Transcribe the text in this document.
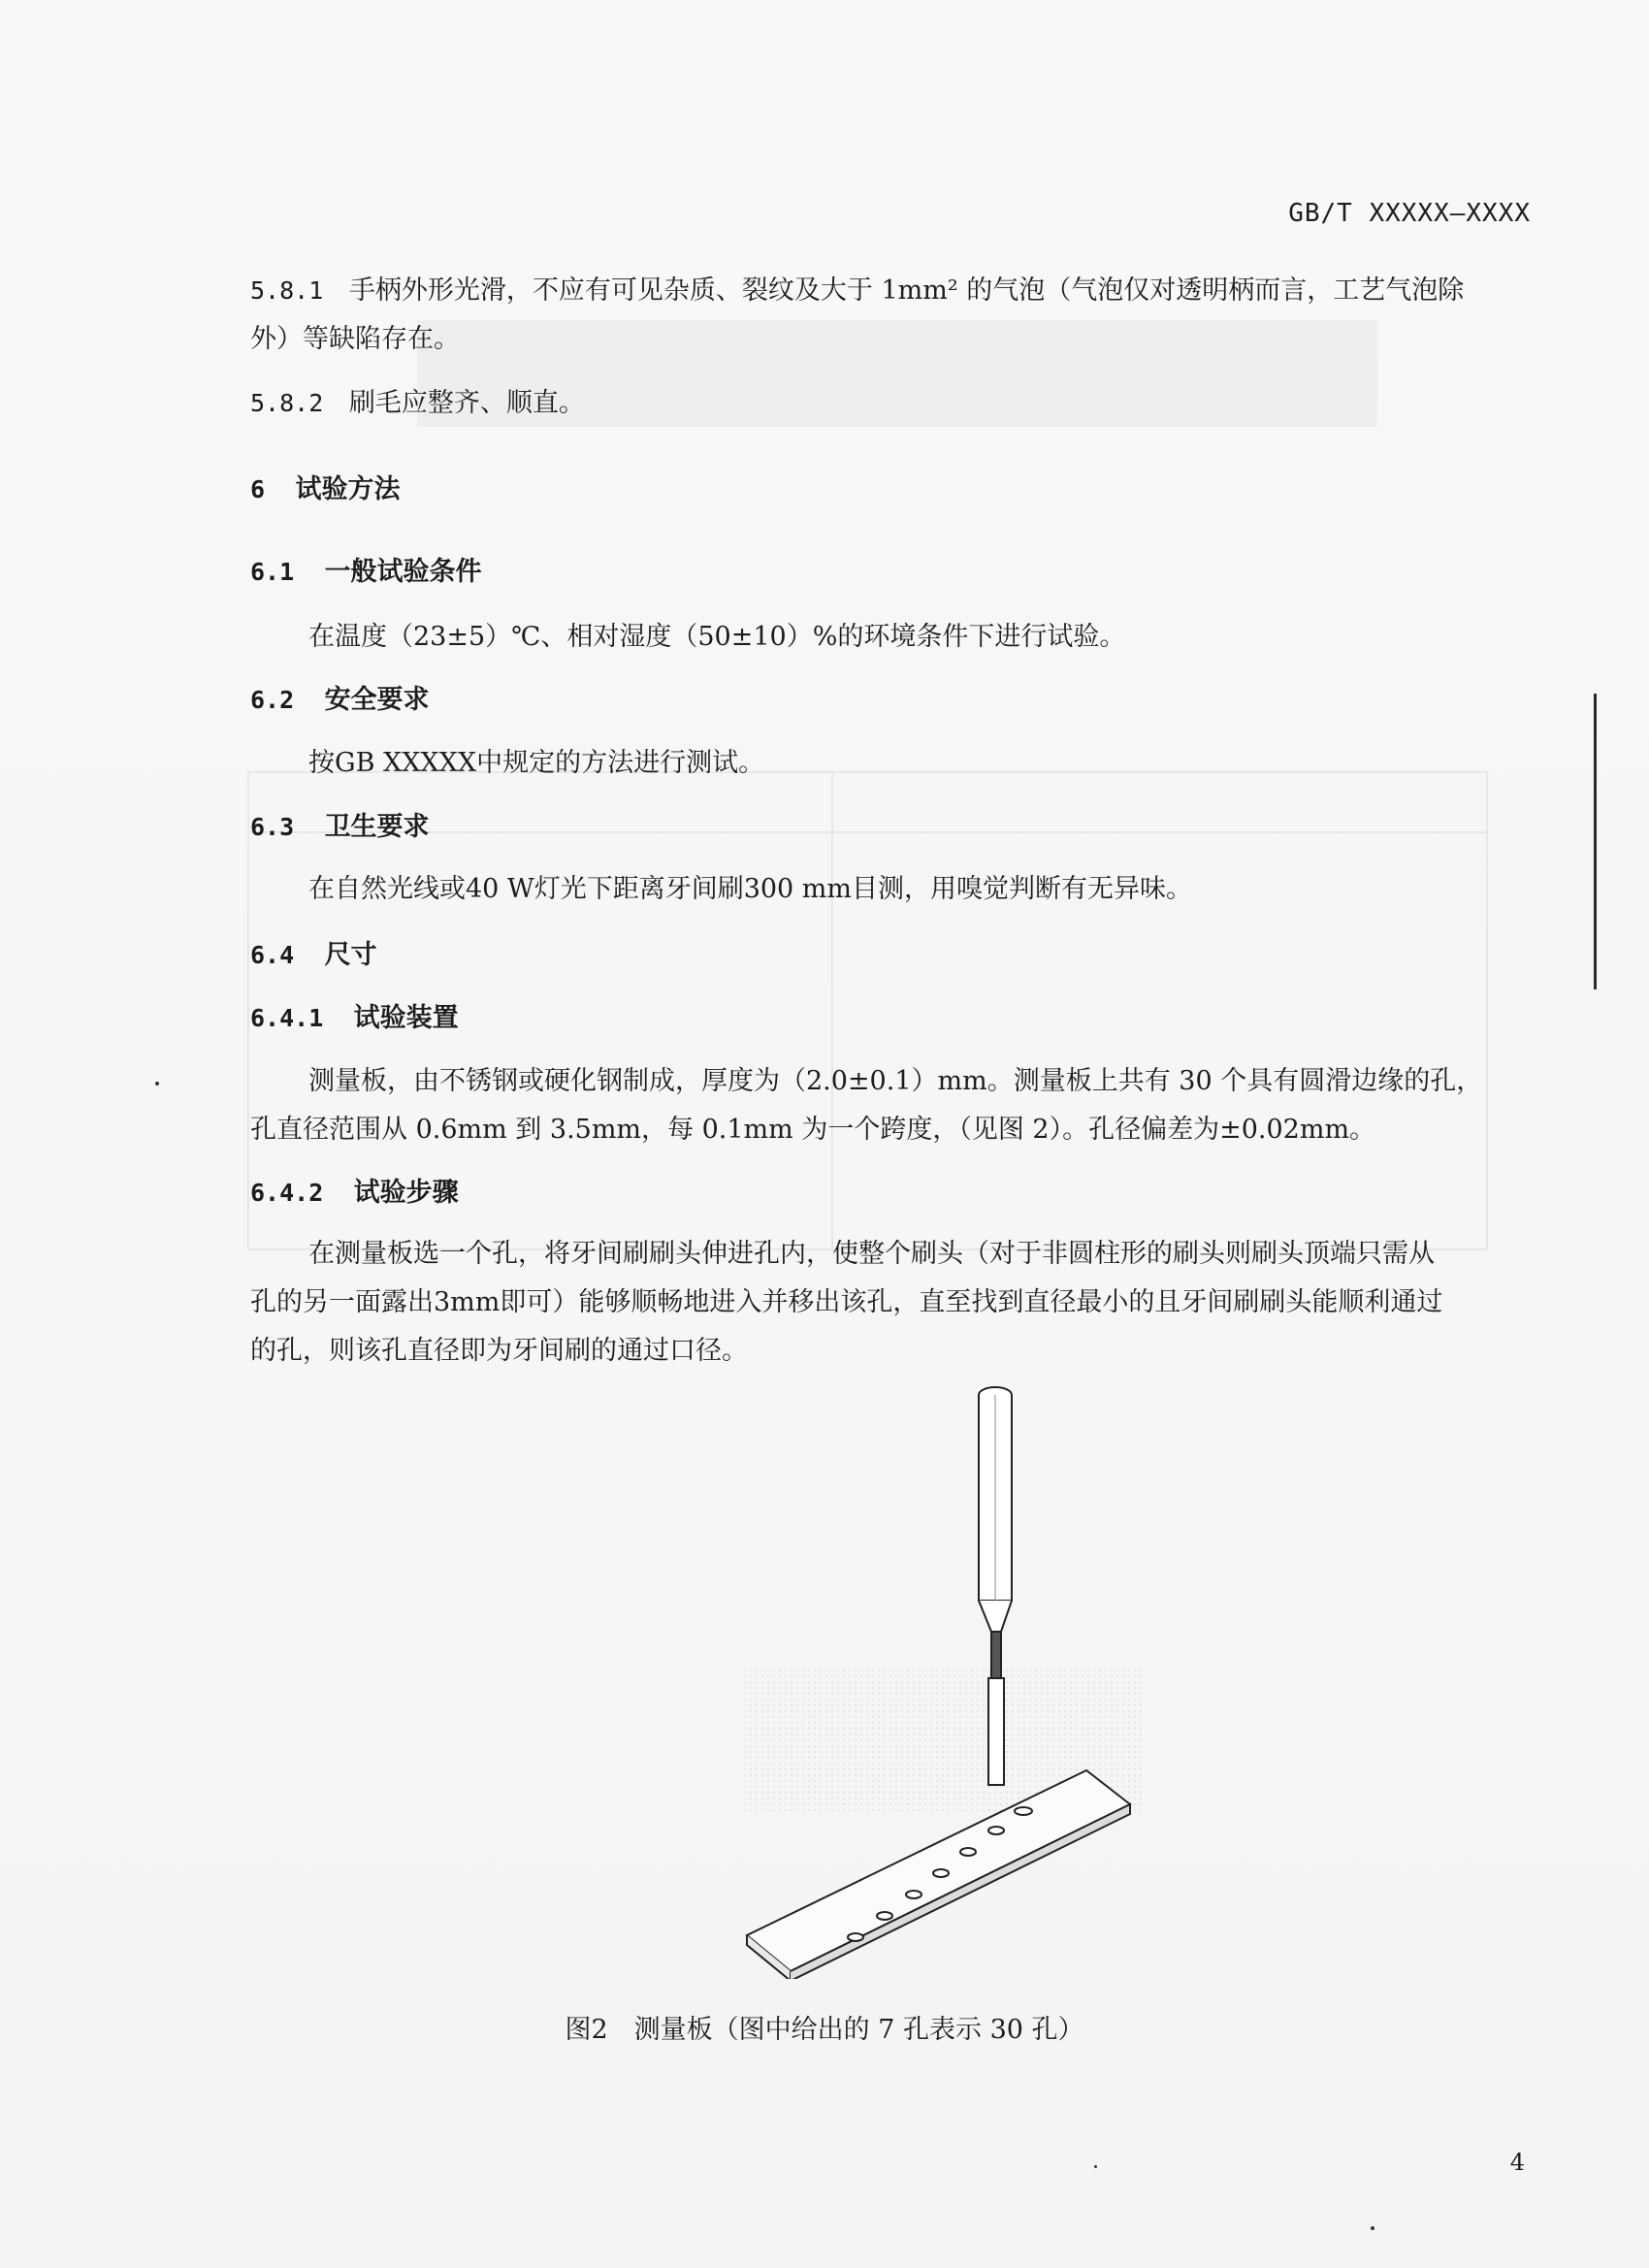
GB/T XXXXX—XXXX
5.8.1 手柄外形光滑，不应有可见杂质、裂纹及大于 1mm² 的气泡（气泡仅对透明柄而言，工艺气泡除
外）等缺陷存在。
5.8.2 刷毛应整齐、顺直。
6 试验方法
6.1 一般试验条件
在温度（23±5）℃、相对湿度（50±10）%的环境条件下进行试验。
6.2 安全要求
按GB XXXXX中规定的方法进行测试。
6.3 卫生要求
在自然光线或40 W灯光下距离牙间刷300 mm目测，用嗅觉判断有无异味。
6.4 尺寸
6.4.1 试验装置
测量板，由不锈钢或硬化钢制成，厚度为（2.0±0.1）mm。测量板上共有 30 个具有圆滑边缘的孔，
孔直径范围从 0.6mm 到 3.5mm，每 0.1mm 为一个跨度，（见图 2）。孔径偏差为±0.02mm。
6.4.2 试验步骤
在测量板选一个孔，将牙间刷刷头伸进孔内，使整个刷头（对于非圆柱形的刷头则刷头顶端只需从
孔的另一面露出3mm即可）能够顺畅地进入并移出该孔，直至找到直径最小的且牙间刷刷头能顺利通过
的孔，则该孔直径即为牙间刷的通过口径。
图2　测量板（图中给出的 7 孔表示 30 孔）
4
